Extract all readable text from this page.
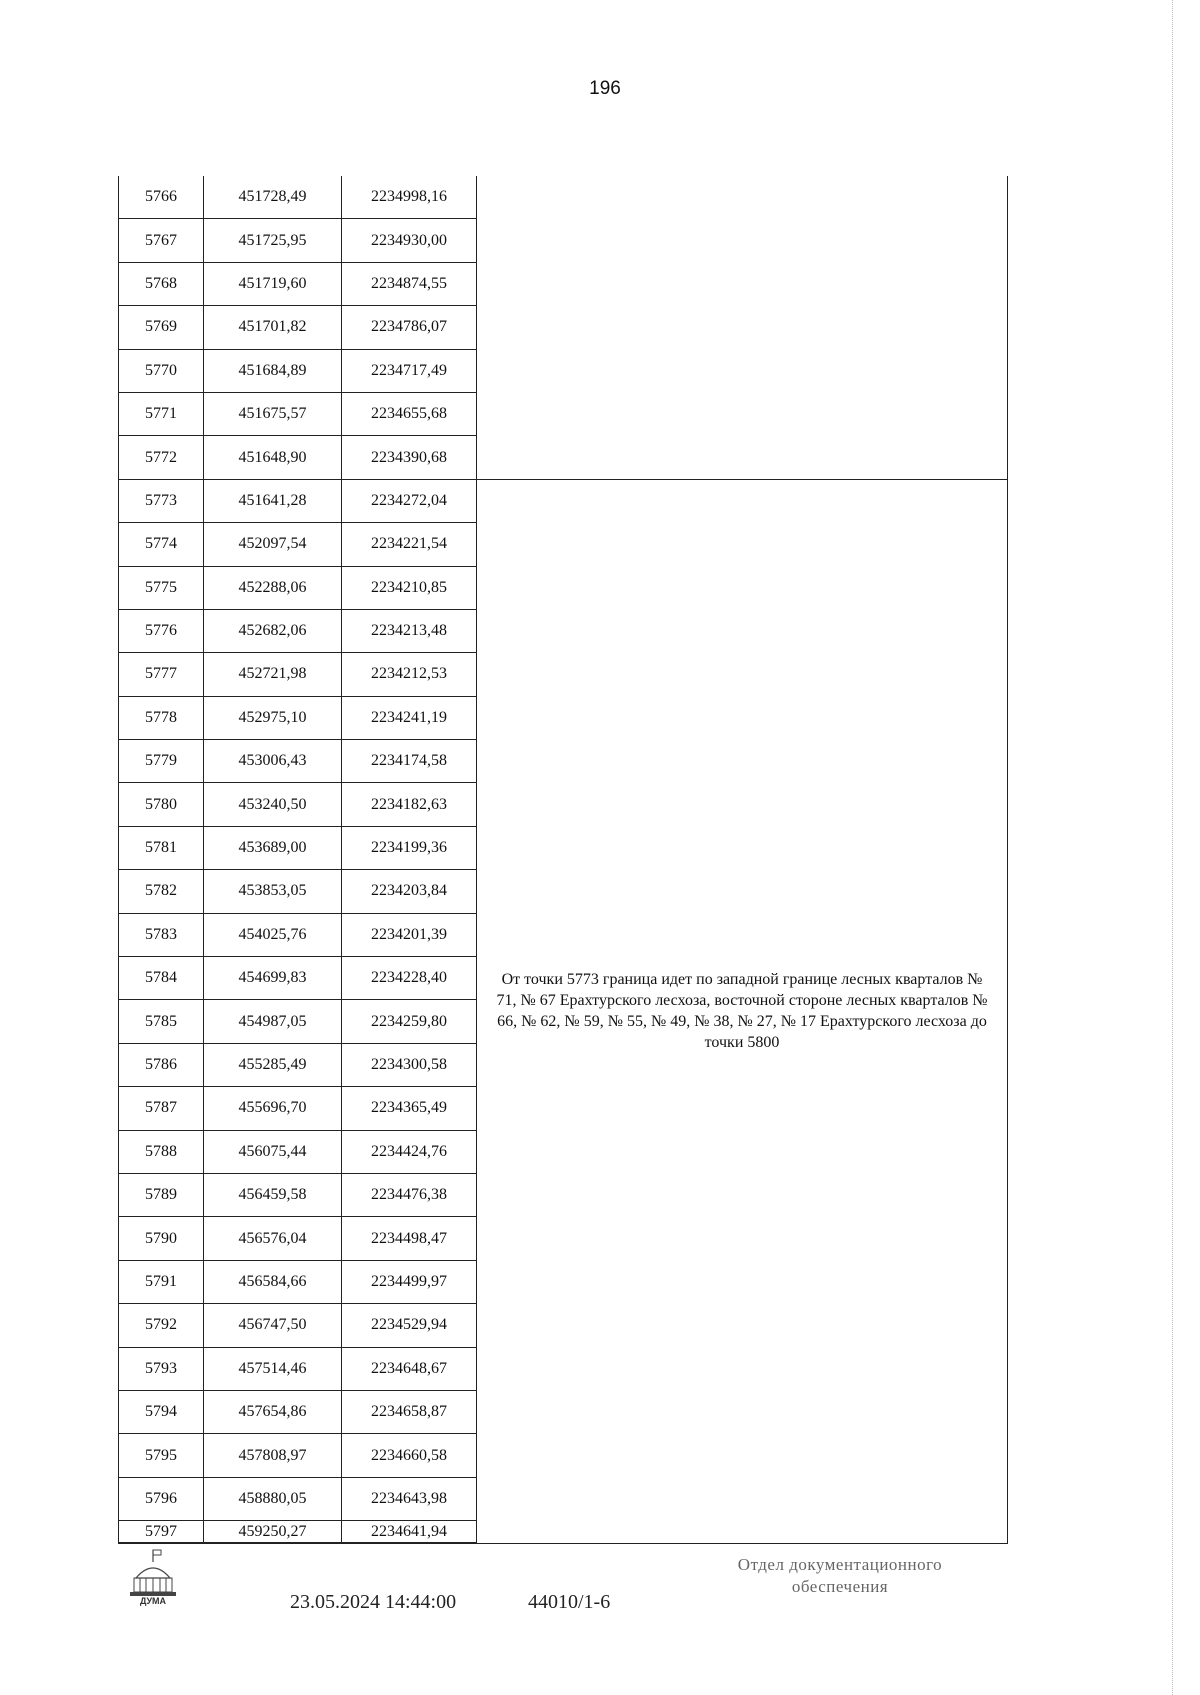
196
5766	451728,49	2234998,16	
5767	451725,95	2234930,00	
5768	451719,60	2234874,55	
5769	451701,82	2234786,07	
5770	451684,89	2234717,49	
5771	451675,57	2234655,68	
5772	451648,90	2234390,68	
5773	451641,28	2234272,04	От точки 5773 граница идет по западной границе лесных кварталов № 71, № 67 Ерахтурского лесхоза, восточной стороне лесных кварталов № 66, № 62, № 59, № 55, № 49, № 38, № 27, № 17 Ерахтурского лесхоза до точки 5800
5774	452097,54	2234221,54	
5775	452288,06	2234210,85	
5776	452682,06	2234213,48	
5777	452721,98	2234212,53	
5778	452975,10	2234241,19	
5779	453006,43	2234174,58	
5780	453240,50	2234182,63	
5781	453689,00	2234199,36	
5782	453853,05	2234203,84	
5783	454025,76	2234201,39	
5784	454699,83	2234228,40	
5785	454987,05	2234259,80	
5786	455285,49	2234300,58	
5787	455696,70	2234365,49	
5788	456075,44	2234424,76	
5789	456459,58	2234476,38	
5790	456576,04	2234498,47	
5791	456584,66	2234499,97	
5792	456747,50	2234529,94	
5793	457514,46	2234648,67	
5794	457654,86	2234658,87	
5795	457808,97	2234660,58	
5796	458880,05	2234643,98	
5797	459250,27	2234641,94	
ДУМА	23.05.2024 14:44:00	44010/1-6
Отдел документационного
обеспечения
